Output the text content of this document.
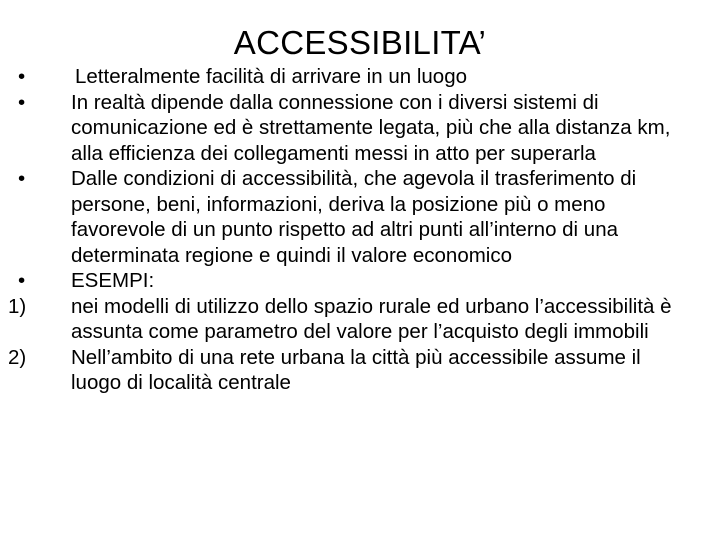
ACCESSIBILITA’
• Letteralmente facilità di arrivare in un luogo
• In realtà dipende dalla connessione con i diversi sistemi di comunicazione ed è strettamente legata, più che alla distanza km, alla efficienza dei collegamenti messi in atto per superarla
• Dalle condizioni di accessibilità, che agevola il trasferimento di persone, beni, informazioni, deriva la posizione più o meno favorevole di un punto rispetto ad altri punti all’interno di una determinata regione e quindi il valore economico
• ESEMPI:
1) nei modelli di utilizzo dello spazio rurale ed urbano l’accessibilità è assunta come parametro del valore per l’acquisto degli immobili
2) Nell’ambito di una rete urbana la città più accessibile assume il luogo di località centrale
